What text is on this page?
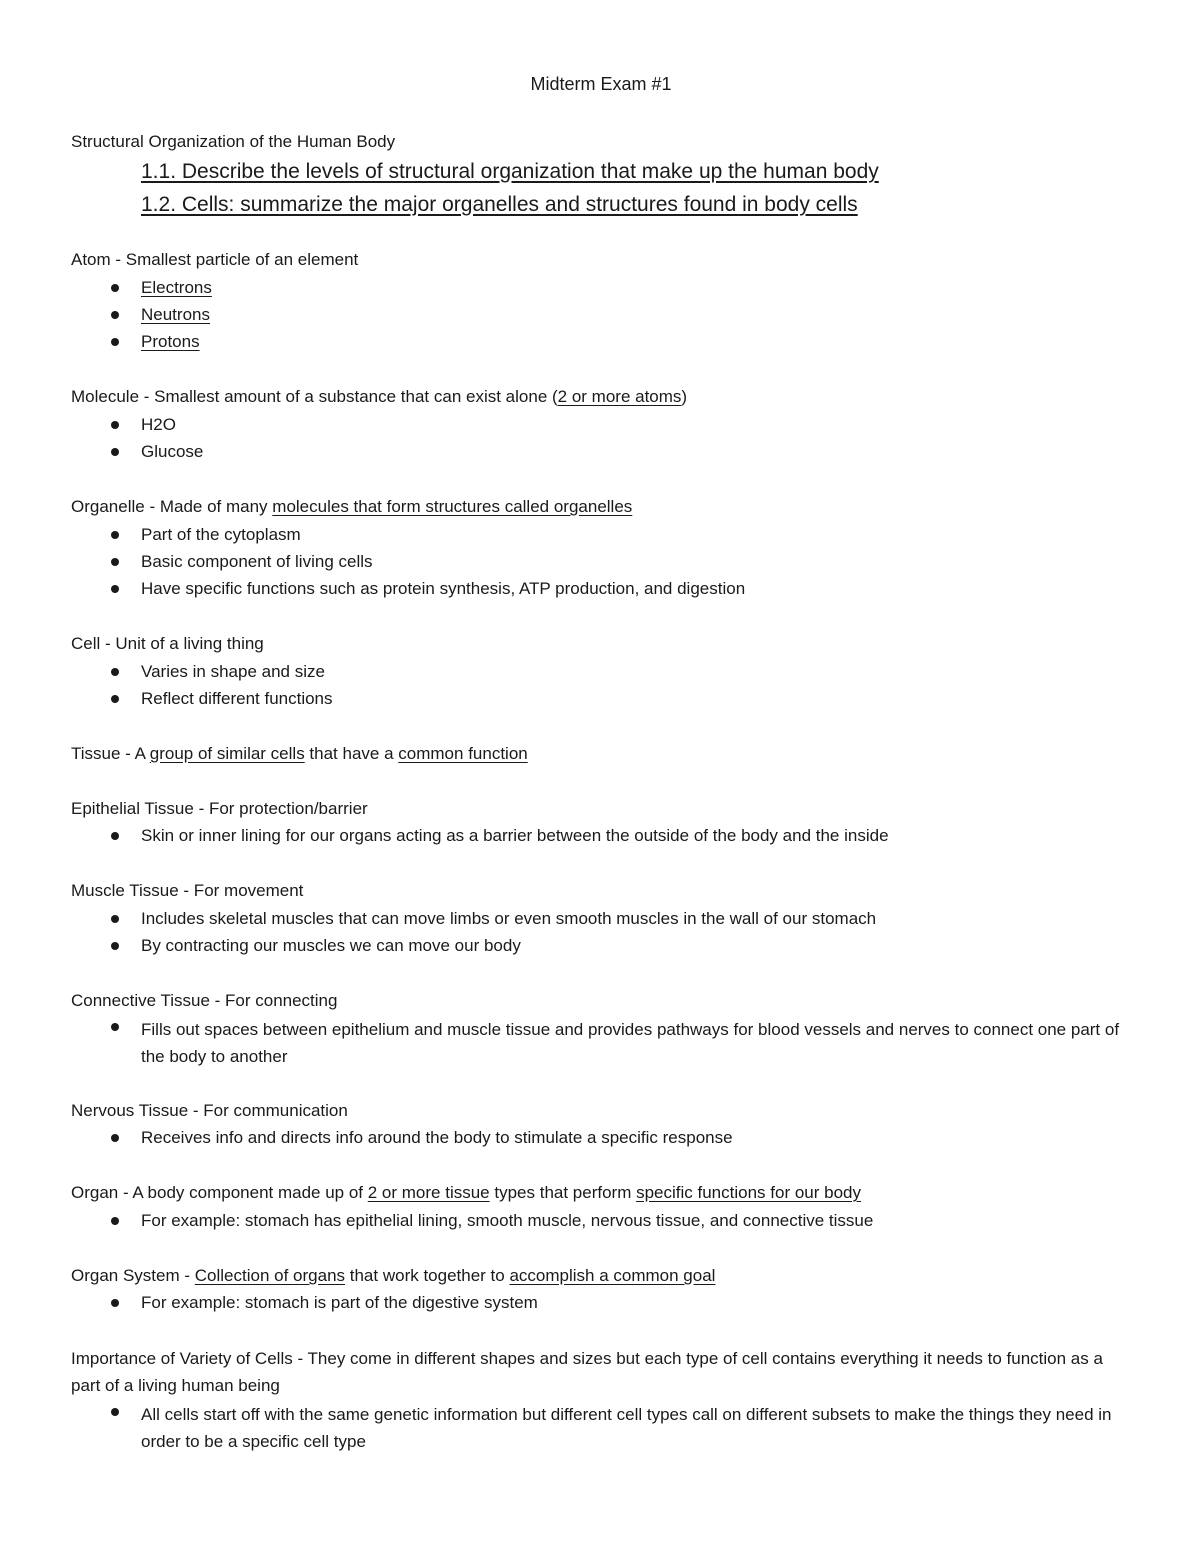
Midterm Exam #1
Structural Organization of the Human Body
1.1. Describe the levels of structural organization that make up the human body
1.2. Cells: summarize the major organelles and structures found in body cells
Atom - Smallest particle of an element
Electrons
Neutrons
Protons
Molecule - Smallest amount of a substance that can exist alone (2 or more atoms)
H2O
Glucose
Organelle - Made of many molecules that form structures called organelles
Part of the cytoplasm
Basic component of living cells
Have specific functions such as protein synthesis, ATP production, and digestion
Cell - Unit of a living thing
Varies in shape and size
Reflect different functions
Tissue - A group of similar cells that have a common function
Epithelial Tissue - For protection/barrier
Skin or inner lining for our organs acting as a barrier between the outside of the body and the inside
Muscle Tissue - For movement
Includes skeletal muscles that can move limbs or even smooth muscles in the wall of our stomach
By contracting our muscles we can move our body
Connective Tissue - For connecting
Fills out spaces between epithelium and muscle tissue and provides pathways for blood vessels and nerves to connect one part of the body to another
Nervous Tissue - For communication
Receives info and directs info around the body to stimulate a specific response
Organ - A body component made up of 2 or more tissue types that perform specific functions for our body
For example: stomach has epithelial lining, smooth muscle, nervous tissue, and connective tissue
Organ System - Collection of organs that work together to accomplish a common goal
For example: stomach is part of the digestive system
Importance of Variety of Cells - They come in different shapes and sizes but each type of cell contains everything it needs to function as a part of a living human being
All cells start off with the same genetic information but different cell types call on different subsets to make the things they need in order to be a specific cell type
